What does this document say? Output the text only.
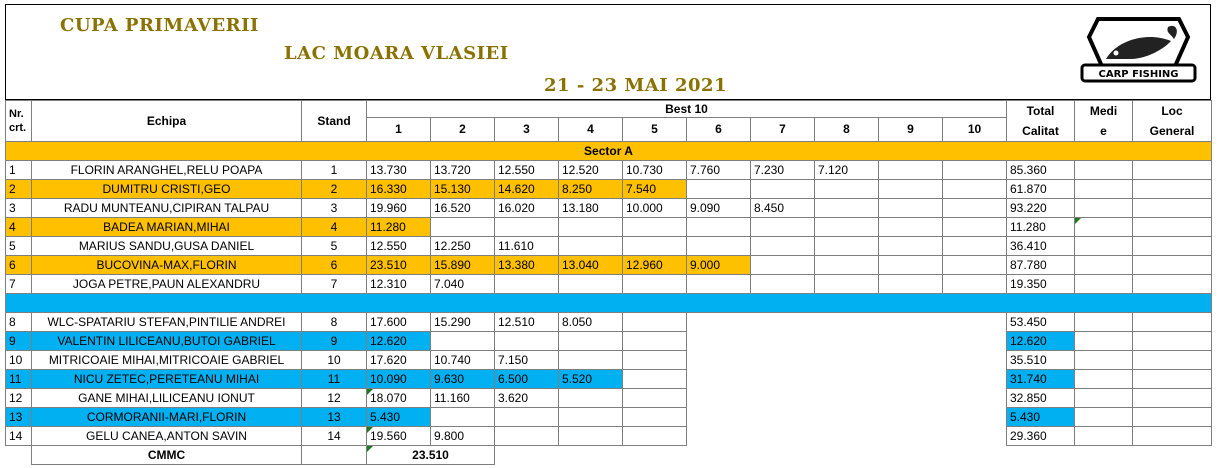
CUPA PRIMAVERII
LAC MOARA VLASIEI
21 - 23 MAI 2021
CARP FISHING
Nr.
crt.	Echipa	Stand	Best 10										Total
Calitat	Medi
e	Loc
General
			1	2	3	4	5	6	7	8	9	10			
Sector A															
1	FLORIN ARANGHEL,RELU POAPA	1	13.730	13.720	12.550	12.520	10.730	7.760	7.230	7.120			85.360		
2	DUMITRU CRISTI,GEO	2	16.330	15.130	14.620	8.250	7.540						61.870		
3	RADU MUNTEANU,CIPIRAN TALPAU	3	19.960	16.520	16.020	13.180	10.000	9.090	8.450				93.220		
4	BADEA MARIAN,MIHAI	4	11.280										11.280		
5	MARIUS SANDU,GUSA DANIEL	5	12.550	12.250	11.610								36.410		
6	BUCOVINA-MAX,FLORIN	6	23.510	15.890	13.380	13.040	12.960	9.000					87.780		
7	JOGA PETRE,PAUN ALEXANDRU	7	12.310	7.040									19.350		

8	WLC-SPATARIU STEFAN,PINTILIE ANDREI	8	17.600	15.290	12.510	8.050							53.450		
9	VALENTIN LILICEANU,BUTOI GABRIEL	9	12.620										12.620		
10	MITRICOAIE MIHAI,MITRICOAIE GABRIEL	10	17.620	10.740	7.150								35.510		
11	NICU ZETEC,PERETEANU MIHAI	11	10.090	9.630	6.500	5.520							31.740		
12	GANE MIHAI,LILICEANU IONUT	12	18.070	11.160	3.620								32.850		
13	CORMORANII-MARI,FLORIN	13	5.430										5.430		
14	GELU CANEA,ANTON SAVIN	14	19.560	9.800									29.360		
	CMMC		23.510												
